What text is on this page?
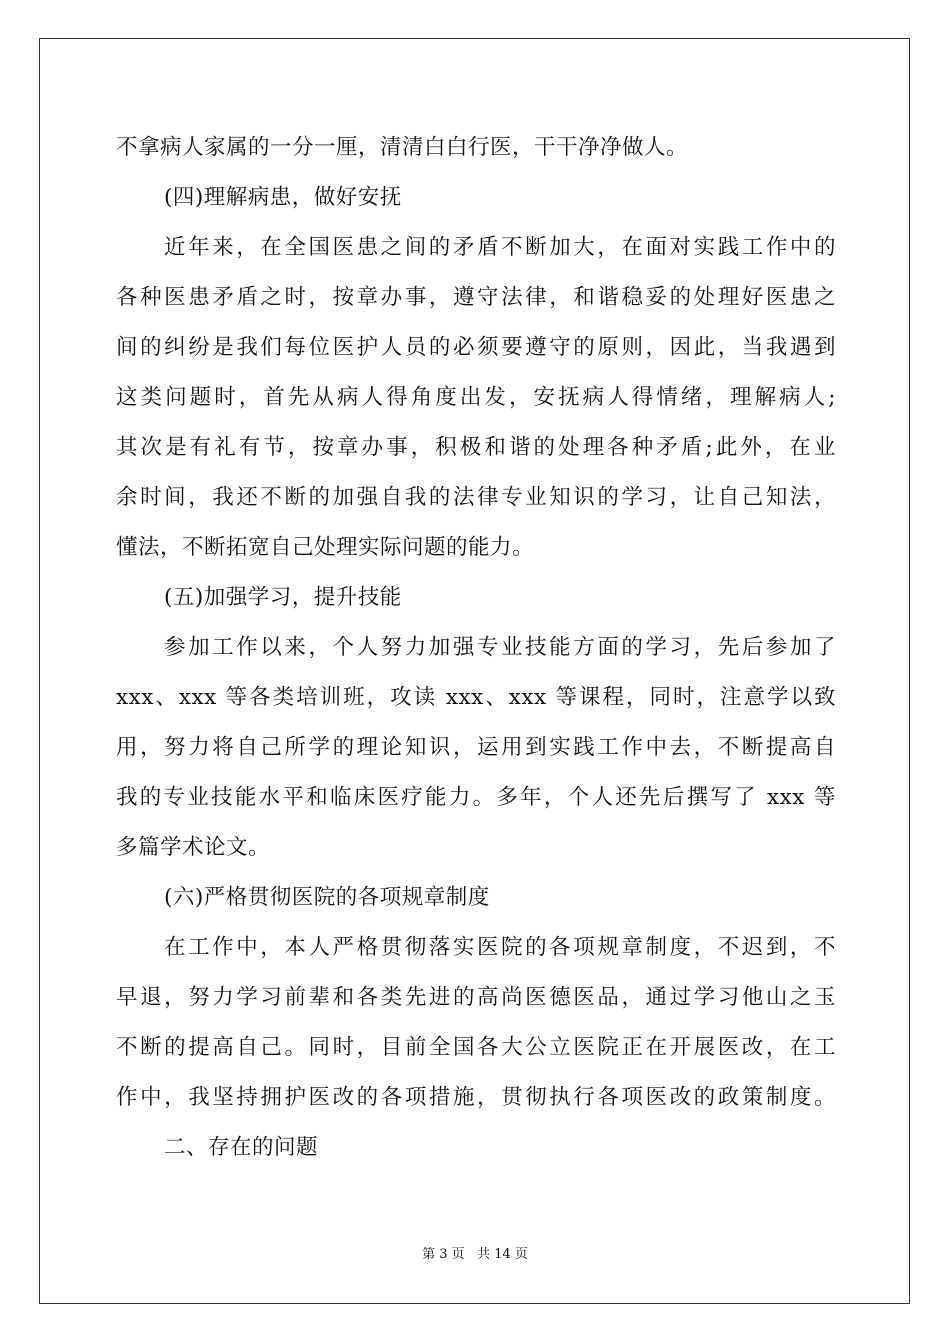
不拿病人家属的一分一厘，清清白白行医，干干净净做人。
(四)理解病患，做好安抚
近年来，在全国医患之间的矛盾不断加大，在面对实践工作中的
各种医患矛盾之时，按章办事，遵守法律，和谐稳妥的处理好医患之
间的纠纷是我们每位医护人员的必须要遵守的原则，因此，当我遇到
这类问题时，首先从病人得角度出发，安抚病人得情绪，理解病人;
其次是有礼有节，按章办事，积极和谐的处理各种矛盾;此外，在业
余时间，我还不断的加强自我的法律专业知识的学习，让自己知法，
懂法，不断拓宽自己处理实际问题的能力。
(五)加强学习，提升技能
参加工作以来，个人努力加强专业技能方面的学习，先后参加了
xxx、xxx 等各类培训班，攻读 xxx、xxx 等课程，同时，注意学以致
用，努力将自己所学的理论知识，运用到实践工作中去，不断提高自
我的专业技能水平和临床医疗能力。多年，个人还先后撰写了 xxx 等
多篇学术论文。
(六)严格贯彻医院的各项规章制度
在工作中，本人严格贯彻落实医院的各项规章制度，不迟到，不
早退，努力学习前辈和各类先进的高尚医德医品，通过学习他山之玉
不断的提高自己。同时，目前全国各大公立医院正在开展医改，在工
作中，我坚持拥护医改的各项措施，贯彻执行各项医改的政策制度。
二、存在的问题
第 3 页 共 14 页
